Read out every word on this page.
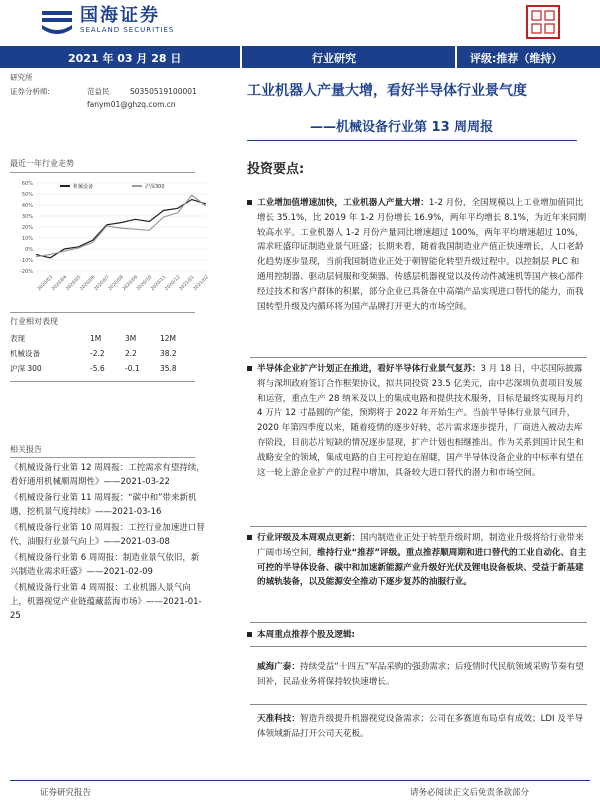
国海证券
SEALAND SECURITIES
2021 年 03 月 28 日	行业研究	评级:推荐（维持）
研究所
证券分析师:	范益民	S0350519100001
fanym01@ghzq.com.cn
工业机器人产量大增，看好半导体行业景气度
——机械设备行业第 13 周周报
最近一年行业走势
60%
50%
40%
30%
20%
10%
0%
-10%
-20%
2020/03
2020/04
2020/05
2020/06
2020/07
2020/08
2020/09
2020/10
2020/11
2020/12
2021/01
2021/02
机械设备	沪深300
行业相对表现
表现	1M	3M	12M
机械设备	-2.2	2.2	38.2
沪深 300	-5.6	-0.1	35.8
相关报告

《机械设备行业第 12 周周报：工控需求有望持续，看好通用机械顺周期性》——2021-03-22

《机械设备行业第 11 周周报：“碳中和”带来新机遇，挖机景气度持续》——2021-03-16

《机械设备行业第 10 周周报：工控行业加速进口替代，油服行业景气向上》——2021-03-08

《机械设备行业第 6 周周报：制造业景气依旧，新兴制造业需求旺盛》——2021-02-09

《机械设备行业第 4 周周报：工业机器人景气向上，机器视觉产业链蕴藏蓝海市场》——2021-01-25

投资要点:

工业增加值增速加快，工业机器人产量大增：1-2 月份，全国规模以上工业增加值同比增长 35.1%，比 2019 年 1-2 月份增长 16.9%，两年平均增长 8.1%，为近年来同期较高水平。工业机器人 1-2 月份产量同比增速超过 100%，两年平均增速超过 10%，需求旺盛印证制造业景气旺盛；长期来看，随着我国制造业产值正快速增长，人口老龄化趋势逐步显现，当前我国制造业正处于朝智能化转型升级过程中。以控制层 PLC 和通用控制器、驱动层伺服和变频器、传感层机器视觉以及传动件减速机等国产核心部件经过技术和客户群体的积累，部分企业已具备在中高端产品实现进口替代的能力，而我国转型升级及内循环将为国产品牌打开更大的市场空间。

半导体企业扩产计划正在推进，看好半导体行业景气复苏：3 月 18 日，中芯国际披露将与深圳政府签订合作框架协议，拟共同投资 23.5 亿美元，由中芯深圳负责项目发展和运营，重点生产 28 纳米及以上的集成电路和提供技术服务，目标是最终实现每月约 4 万片 12 寸晶圆的产能，预期将于 2022 年开始生产。当前半导体行业景气回升，2020 年第四季度以来，随着疫情的逐步好转，芯片需求逐步提升，厂商进入被动去库存阶段，目前芯片短缺的情况逐步显现，扩产计划也相继推出。作为关系到国计民生和战略安全的领域，集成电路的自主可控迫在眉睫，国产半导体设备企业的中标率有望在这一轮上游企业扩产的过程中增加，具备较大进口替代的潜力和市场空间。

行业评级及本周观点更新：国内制造业正处于转型升级时期，制造业升级将给行业带来广阔市场空间，维持行业“推荐”评级。重点推荐顺周期和进口替代的工业自动化、自主可控的半导体设备、碳中和加速新能源产业升级好光伏及锂电设备板块、受益于新基建的城轨装备，以及能源安全推动下逐步复苏的油服行业。

本周重点推荐个股及逻辑:

威海广泰：持续受益“十四五”军品采购的强劲需求；后疫情时代民航领域采购节奏有望回补，民品业务将保持较快速增长。

天准科技：智造升级提升机器视觉设备需求；公司在多赛道布局卓有成效；LDI 及半导体领域新品打开公司天花板。

证券研究报告	请务必阅读正文后免责条款部分
